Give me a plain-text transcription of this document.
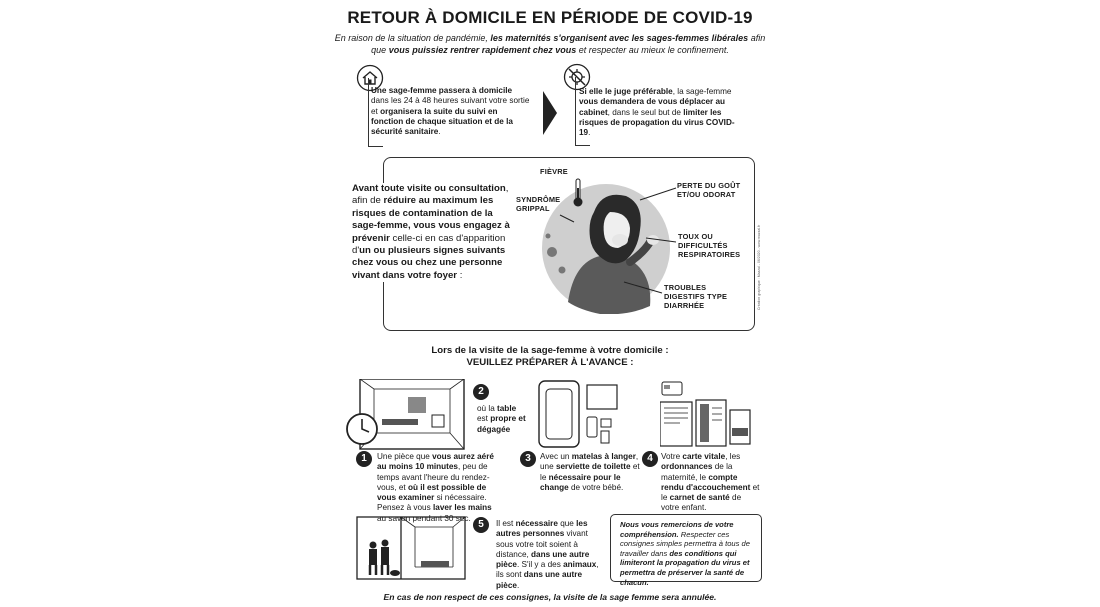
RETOUR À DOMICILE EN PÉRIODE DE COVID-19
En raison de la situation de pandémie, les maternités s'organisent avec les sages-femmes libérales afin que vous puissiez rentrer rapidement chez vous et respecter au mieux le confinement.
Une sage-femme passera à domicile dans les 24 à 48 heures suivant votre sortie et organisera la suite du suivi en fonction de chaque situation et de la sécurité sanitaire.
Si elle le juge préférable, la sage-femme vous demandera de vous déplacer au cabinet, dans le seul but de limiter les risques de propagation du virus COVID-19.
Avant toute visite ou consultation, afin de réduire au maximum les risques de contamination de la sage-femme, vous vous engagez à prévenir celle-ci en cas d'apparition d'un ou plusieurs signes suivants chez vous ou chez une personne vivant dans votre foyer :
FIÈVRE
SYNDRÔME GRIPPAL
PERTE DU GOÛT ET/OU ODORAT
TOUX OU DIFFICULTÉS RESPIRATOIRES
TROUBLES DIGESTIFS TYPE DIARRHÉE	Création graphique : Mazzal - 06/2020 - www.mazzal.fr
Lors de la visite de la sage-femme à votre domicile :
VEUILLEZ PRÉPARER À L'AVANCE :
2
où la table est propre et dégagée
1	Une pièce que vous aurez aéré au moins 10 minutes, peu de temps avant l'heure du rendez-vous, et où il est possible de vous examiner si nécessaire. Pensez à vous laver les mains au savon pendant 30 sec.
3	Avec un matelas à langer, une serviette de toilette et le nécessaire pour le change de votre bébé.
4	Votre carte vitale, les ordonnances de la maternité, le compte rendu d'accouchement et le carnet de santé de votre enfant.
5	Il est nécessaire que les autres personnes vivant sous votre toit soient à distance, dans une autre pièce. S'il y a des animaux, ils sont dans une autre pièce.
Nous vous remercions de votre compréhension. Respecter ces consignes simples permettra à tous de travailler dans des conditions qui limiteront la propagation du virus et permettra de préserver la santé de chacun.
En cas de non respect de ces consignes, la visite de la sage femme sera annulée.
